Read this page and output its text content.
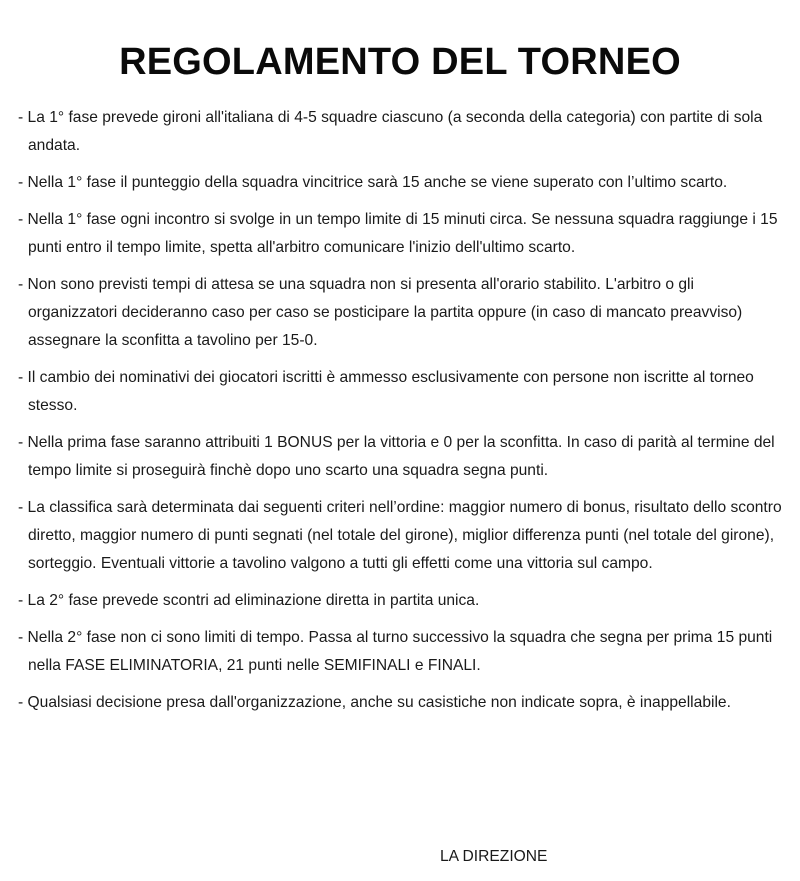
REGOLAMENTO DEL TORNEO
- La 1° fase prevede gironi all'italiana di 4-5 squadre ciascuno (a seconda della categoria) con partite di sola andata.
- Nella 1° fase il punteggio della squadra vincitrice sarà 15 anche se viene superato con l’ultimo scarto.
- Nella 1° fase ogni incontro si svolge in un tempo limite di 15 minuti circa. Se nessuna squadra raggiunge i 15 punti entro il tempo limite, spetta all'arbitro comunicare l'inizio dell'ultimo scarto.
- Non sono previsti tempi di attesa se una squadra non si presenta all'orario stabilito. L'arbitro o gli organizzatori decideranno caso per caso se posticipare la partita oppure (in caso di mancato preavviso) assegnare la sconfitta a tavolino per 15-0.
- Il cambio dei nominativi dei giocatori iscritti è ammesso esclusivamente con persone non iscritte al torneo stesso.
- Nella prima fase saranno attribuiti 1 BONUS per la vittoria e 0 per la sconfitta. In caso di parità al termine del tempo limite si proseguirà finchè dopo uno scarto una squadra segna punti.
- La classifica sarà determinata dai seguenti criteri nell’ordine: maggior numero di bonus, risultato dello scontro diretto, maggior numero di punti segnati (nel totale del girone), miglior differenza punti (nel totale del girone), sorteggio. Eventuali vittorie a tavolino valgono a tutti gli effetti come una vittoria sul campo.
- La 2° fase prevede scontri ad eliminazione diretta in partita unica.
- Nella 2° fase non ci sono limiti di tempo. Passa al turno successivo la squadra che segna per prima 15 punti nella FASE ELIMINATORIA, 21 punti nelle SEMIFINALI e FINALI.
- Qualsiasi decisione presa dall'organizzazione, anche su casistiche non indicate sopra, è inappellabile.
LA DIREZIONE
